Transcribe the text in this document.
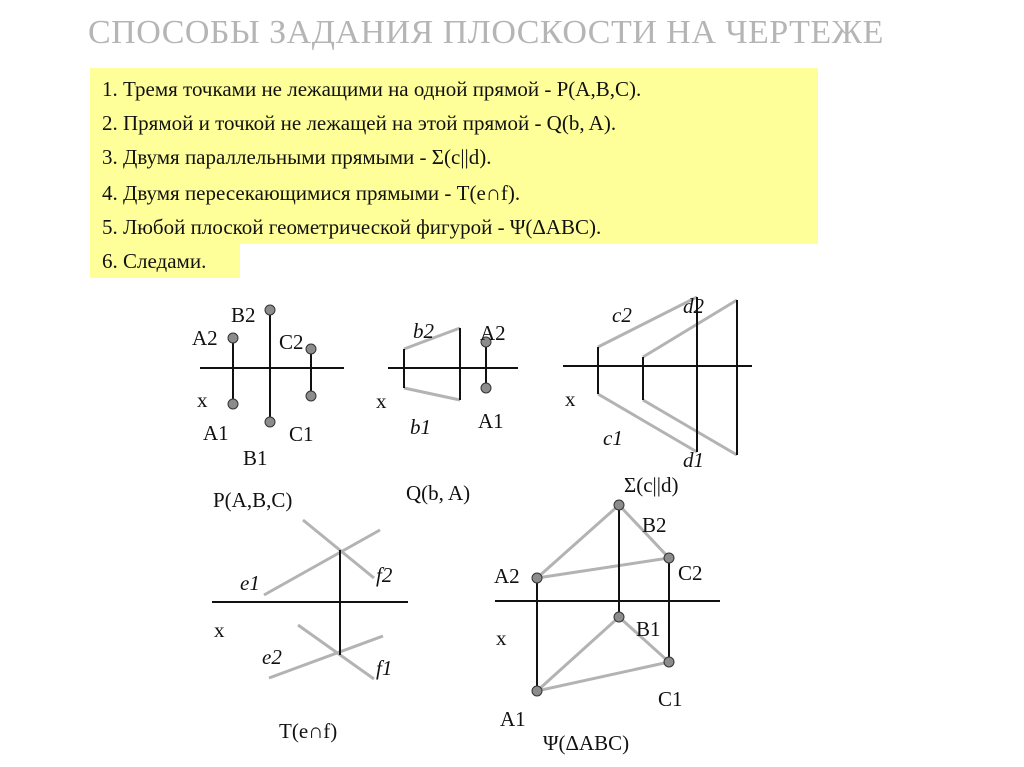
СПОСОБЫ ЗАДАНИЯ ПЛОСКОСТИ НА ЧЕРТЕЖЕ
1. Тремя точками не лежащими на одной прямой - Р(А,В,С).
2. Прямой и точкой не лежащей на этой прямой - Q(b, A).
3. Двумя параллельными прямыми - Σ(c||d).
4. Двумя пересекающимися прямыми - T(e∩f).
5. Любой плоской геометрической фигурой - Ψ(ΔABC).
6. Следами.
A2
B2
C2
x
A1	C1
B1
Р(А,В,С)
b2 A2
x
b1 A1
Q(b, A)
c2 d2
x
c1
d1
Σ(c||d)
e1	f2
x
e2	f1
T(e∩f)
B2
A2	C2
x	B1
C1
A1
Ψ(ΔABC)
